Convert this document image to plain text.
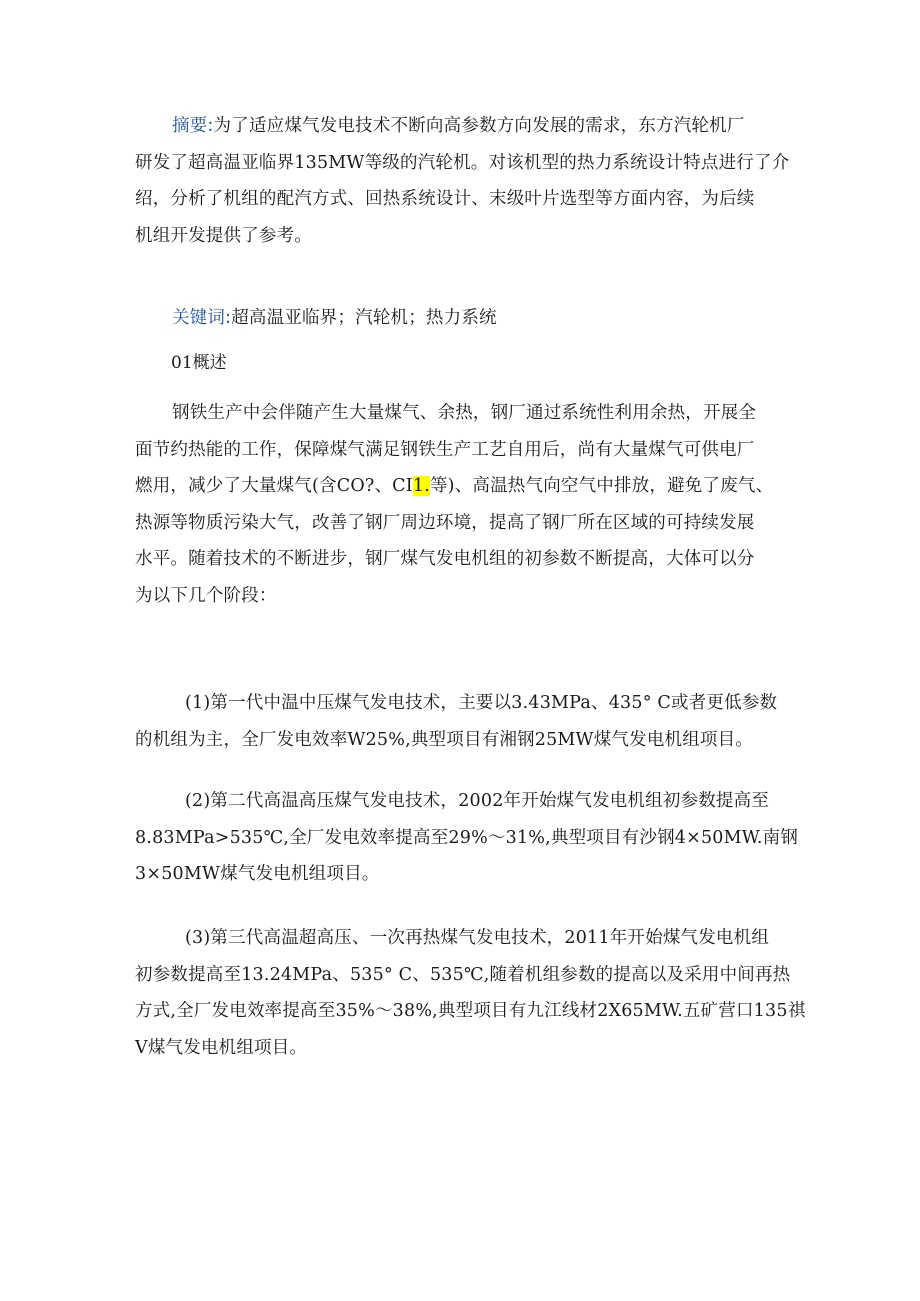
摘要:为了适应煤气发电技术不断向高参数方向发展的需求，东方汽轮机厂
研发了超高温亚临界135MW等级的汽轮机。对该机型的热力系统设计特点进行了介
绍，分析了机组的配汽方式、回热系统设计、末级叶片选型等方面内容，为后续
机组开发提供了参考。

关键词:超高温亚临界；汽轮机；热力系统

01概述

钢铁生产中会伴随产生大量煤气、余热，钢厂通过系统性利用余热，开展全
面节约热能的工作，保障煤气满足钢铁生产工艺自用后，尚有大量煤气可供电厂
燃用，减少了大量煤气(含CO?、CI1.等)、高温热气向空气中排放，避免了废气、
热源等物质污染大气，改善了钢厂周边环境，提高了钢厂所在区域的可持续发展
水平。随着技术的不断进步，钢厂煤气发电机组的初参数不断提高，大体可以分
为以下几个阶段：

(1)第一代中温中压煤气发电技术，主要以3.43MPa、435° C或者更低参数
的机组为主，全厂发电效率W25%,典型项目有湘钢25MW煤气发电机组项目。

(2)第二代高温高压煤气发电技术，2002年开始煤气发电机组初参数提高至
8.83MPa>535℃,全厂发电效率提高至29%～31%,典型项目有沙钢4×50MW.南钢
3×50MW煤气发电机组项目。

(3)第三代高温超高压、一次再热煤气发电技术，2011年开始煤气发电机组
初参数提高至13.24MPa、535° C、535℃,随着机组参数的提高以及采用中间再热
方式,全厂发电效率提高至35%～38%,典型项目有九江线材2X65MW.五矿营口135祺
V煤气发电机组项目。
